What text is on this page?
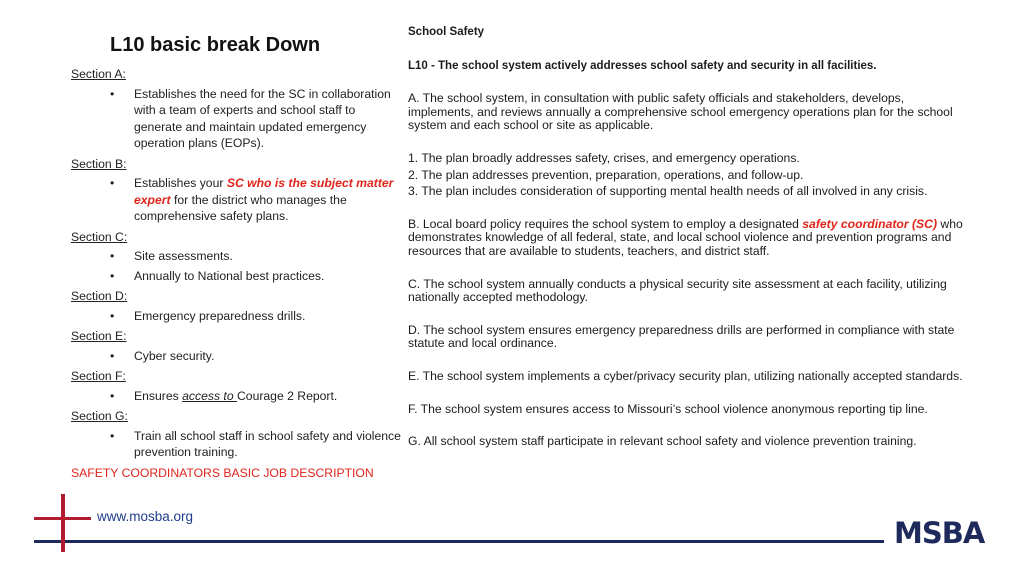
L10 basic break Down
Section A:
• Establishes the need for the SC in collaboration with a team of experts and school staff to generate and maintain updated emergency operation plans (EOPs).
Section B:
• Establishes your SC who is the subject matter expert for the district who manages the comprehensive safety plans.
Section C:
• Site assessments.
• Annually to National best practices.
Section D:
• Emergency preparedness drills.
Section E:
• Cyber security.
Section F:
• Ensures access to Courage 2 Report.
Section G:
• Train all school staff in school safety and violence prevention training.
SAFETY COORDINATORS BASIC JOB DESCRIPTION

School Safety

L10 - The school system actively addresses school safety and security in all facilities.

A. The school system, in consultation with public safety officials and stakeholders, develops, implements, and reviews annually a comprehensive school emergency operations plan for the school system and each school or site as applicable.

1. The plan broadly addresses safety, crises, and emergency operations.

2. The plan addresses prevention, preparation, operations, and follow-up.

3. The plan includes consideration of supporting mental health needs of all involved in any crisis.

B. Local board policy requires the school system to employ a designated safety coordinator (SC) who demonstrates knowledge of all federal, state, and local school violence and prevention programs and resources that are available to students, teachers, and district staff.

C. The school system annually conducts a physical security site assessment at each facility, utilizing nationally accepted methodology.

D. The school system ensures emergency preparedness drills are performed in compliance with state statute and local ordinance.

E. The school system implements a cyber/privacy security plan, utilizing nationally accepted standards.

F. The school system ensures access to Missouri’s school violence anonymous reporting tip line.

G. All school system staff participate in relevant school safety and violence prevention training.

www.mosba.org	MSBA
